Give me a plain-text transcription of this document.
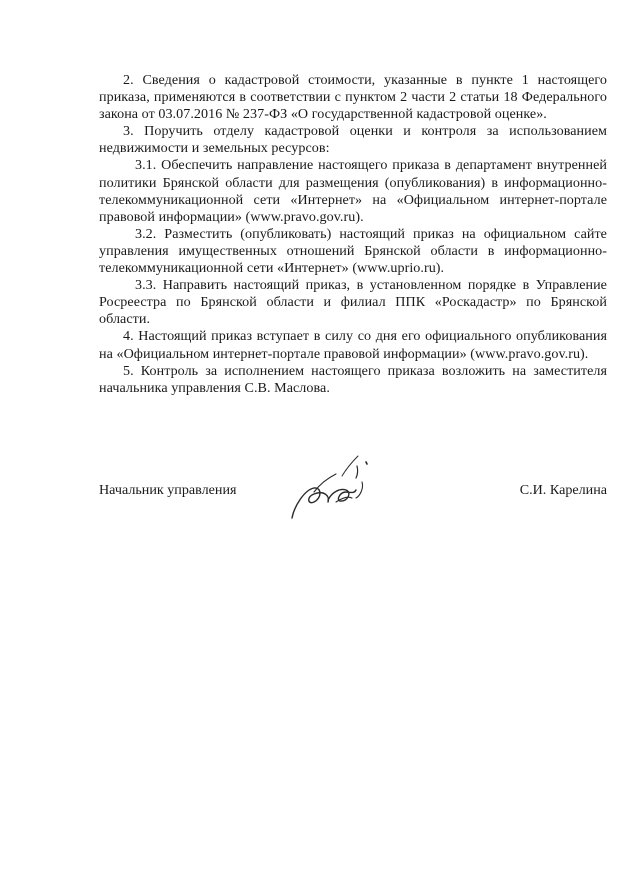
2. Сведения о кадастровой стоимости, указанные в пункте 1 настоящего приказа, применяются в соответствии с пунктом 2 части 2 статьи 18 Федерального закона от 03.07.2016 № 237-ФЗ «О государственной кадастровой оценке».

3. Поручить отделу кадастровой оценки и контроля за использованием недвижимости и земельных ресурсов:

3.1. Обеспечить направление настоящего приказа в департамент внутренней политики Брянской области для размещения (опубликования) в информационно-телекоммуникационной сети «Интернет» на «Официальном интернет-портале правовой информации» (www.pravo.gov.ru).

3.2. Разместить (опубликовать) настоящий приказ на официальном сайте управления имущественных отношений Брянской области в информационно-телекоммуникационной сети «Интернет» (www.uprio.ru).

3.3. Направить настоящий приказ, в установленном порядке в Управление Росреестра по Брянской области и филиал ППК «Роскадастр» по Брянской области.

4. Настоящий приказ вступает в силу со дня его официального опубликования на «Официальном интернет-портале правовой информации» (www.pravo.gov.ru).

5. Контроль за исполнением настоящего приказа возложить на заместителя начальника управления С.В. Маслова.

Начальник управления	С.И. Карелина
